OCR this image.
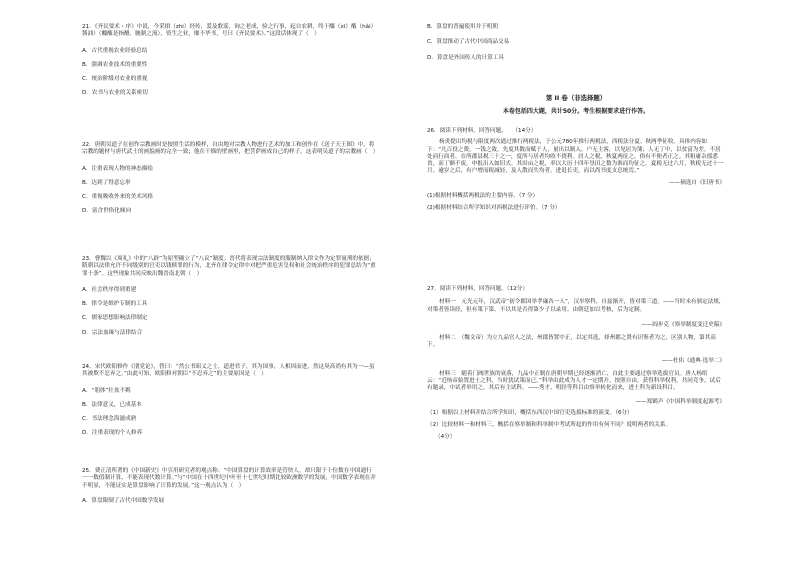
21．《齐民要术・序》中说，今采捃（zhì）经传，爰及歌谣，询之老成，验之行事，起自农耕，终于醯（xī）醢（hǎi）酱油）（醯醢是指醋、腌制之流），资生之业，靡不毕书，号曰《齐民要术》。”这段话体现了（　）

A．古代重视农业经验总结

B．强调农业技术的重要性

C．统治阶级对农业的重视

D．农书与农业的关系密切

22．唐朝吴道子在创作宗教画时是按照生活的模样，自由地对宗教人物进行艺术的加工和创作在《送子天王图》中，将宗教的题材与唐代武士的画貌画的完全一致；他在干描的壁画里，把菩萨画成自己的样子。这表明吴道子的宗教画（　）

A．注重表现人物的神态描绘

B．达到了得意忘形

C．重视吸收外来的美术风格

D．富含世俗化倾向

23．曹魏以《周礼》中的“八辟”为原型确立了“八议”制度；晋代将表现宗法制度的服制纳入律文作为定罪量刑的依据；隋朝以法律允许不同级别的官吏以钱赎罪的行为，北齐在律令定律中对把严重危害皇权和社会统治秩序的犯罪总结为“重罪十条”。这些现象共同反映出魏晋南北朝（　）

A．社会秩序得到重建

B．律令是维护专制的工具

C．儒家思想影响法律制定

D．宗法血缘与法律结合

24．宋代欧阳修作《朋党论》，替曰：“然公书昭义之士，道进君子，其为国事，人相因而进，然这臭高尚有其为一—虽其被欺不忍弃之。”由此可知，欧阳修对朝臣“不忍弃之”的主要原因是（　）

A．“朋体”壮盆不羁

B．法律意义，已成基本

C．书法理念海滋成熟

D．注重表现的个人修养

25．费正清所著的《中国新史》中引用研究者的观点称：“中国算盘的计算效率是管快人，却只限于十位数在中国通行一一数值制计算，不能表现代数计算。”与“中国在十四世纪中叶至十七世纪时期比较欧洲数学的发展，中国数学表现在并不明显，不能证实是算盘影响了计算的发展。”这一观点认为（　）

A．算盘限制了古代中国数学发展

B．算盘的普遍使用并于明朝

C．算盘推动了古代中国商品交易

D．算盘是外国传人的计算工具

第 II 卷（非选择题）

本卷包括四大题，共计50分。考生根据要求进行作答。

26．阅读下列材料，回答问题。　　（14分）

杨炎提出均税与限度两次通过推行两税法，于公元780年推行两税法，西税法分夏、秋两季征收。具体内容如下：“凡百役之费，一钱之敛，先度其数而赋于人，量出以制入。户无主客，以见居为簿；人无丁中，以贫富为差。不居处而行商者，在所郡县税三十之一，度所与居者均收不侥利。居人之税，秋夏两征之，俗有不便者正之。其租庸杂徭悉省，而丁额不废，申报出入如旧式。其田亩之税，率以大历十四年垦田之数为准而均征之。夏税无过六月，秋税无过十一月。逾岁之后，有户增而税减轻，及人散而失均者，进退长吏。而以尚书度支总统焉。”

——摘选自《旧唐书》

(1)根据材料概括两税法的主要内容。（7 分）

(2)根据材料结合所学知识对西税法进行评价。（7 分）

27．阅读下列材料，回答问题。（12分）

材料一　元光元年，汉武帝“初令郡国举孝廉各一人”，汉举察科，自兹渐开，皆对策三道。——当时未有颁定法规，对策者皆读经，但有策下第，不以其是否得第少子以录用。由朝廷加以考核，后为定制。

——阎步克《察举制度变迁史稿》

材料二　（魏文帝）为立九品官人之法，州郡皆置中正，以定其选，择州郡之贤有识鉴者为之，区别人物，第其高下。

——杜佑《通典·选举二》

材料三　随着门阀世族的衰落，九品中正制在唐朝早期已经逐渐消亡，自此主要通过察举选拔官员。唐人杨绾云：“近炀帝始置进士之科，当时犹试策而已。”科举由此成为人才一定期开，按照自由，获得科举权利，共同竞争，试后有题录，中试者举用之，其后有主试科。——秀才、明经等科目由察举转化而来，进士科为新设科目。

——郑鹤声《中国科举制度起源考》

（1）根据以上材料并结合所学知识，概括东西汉中国官吏选拔标准的演变。（6分）

（2）比较材料一和材料三，概括在察举制和科举制中考试所起的作用有何不同？说明两者的关系。

（4分）
